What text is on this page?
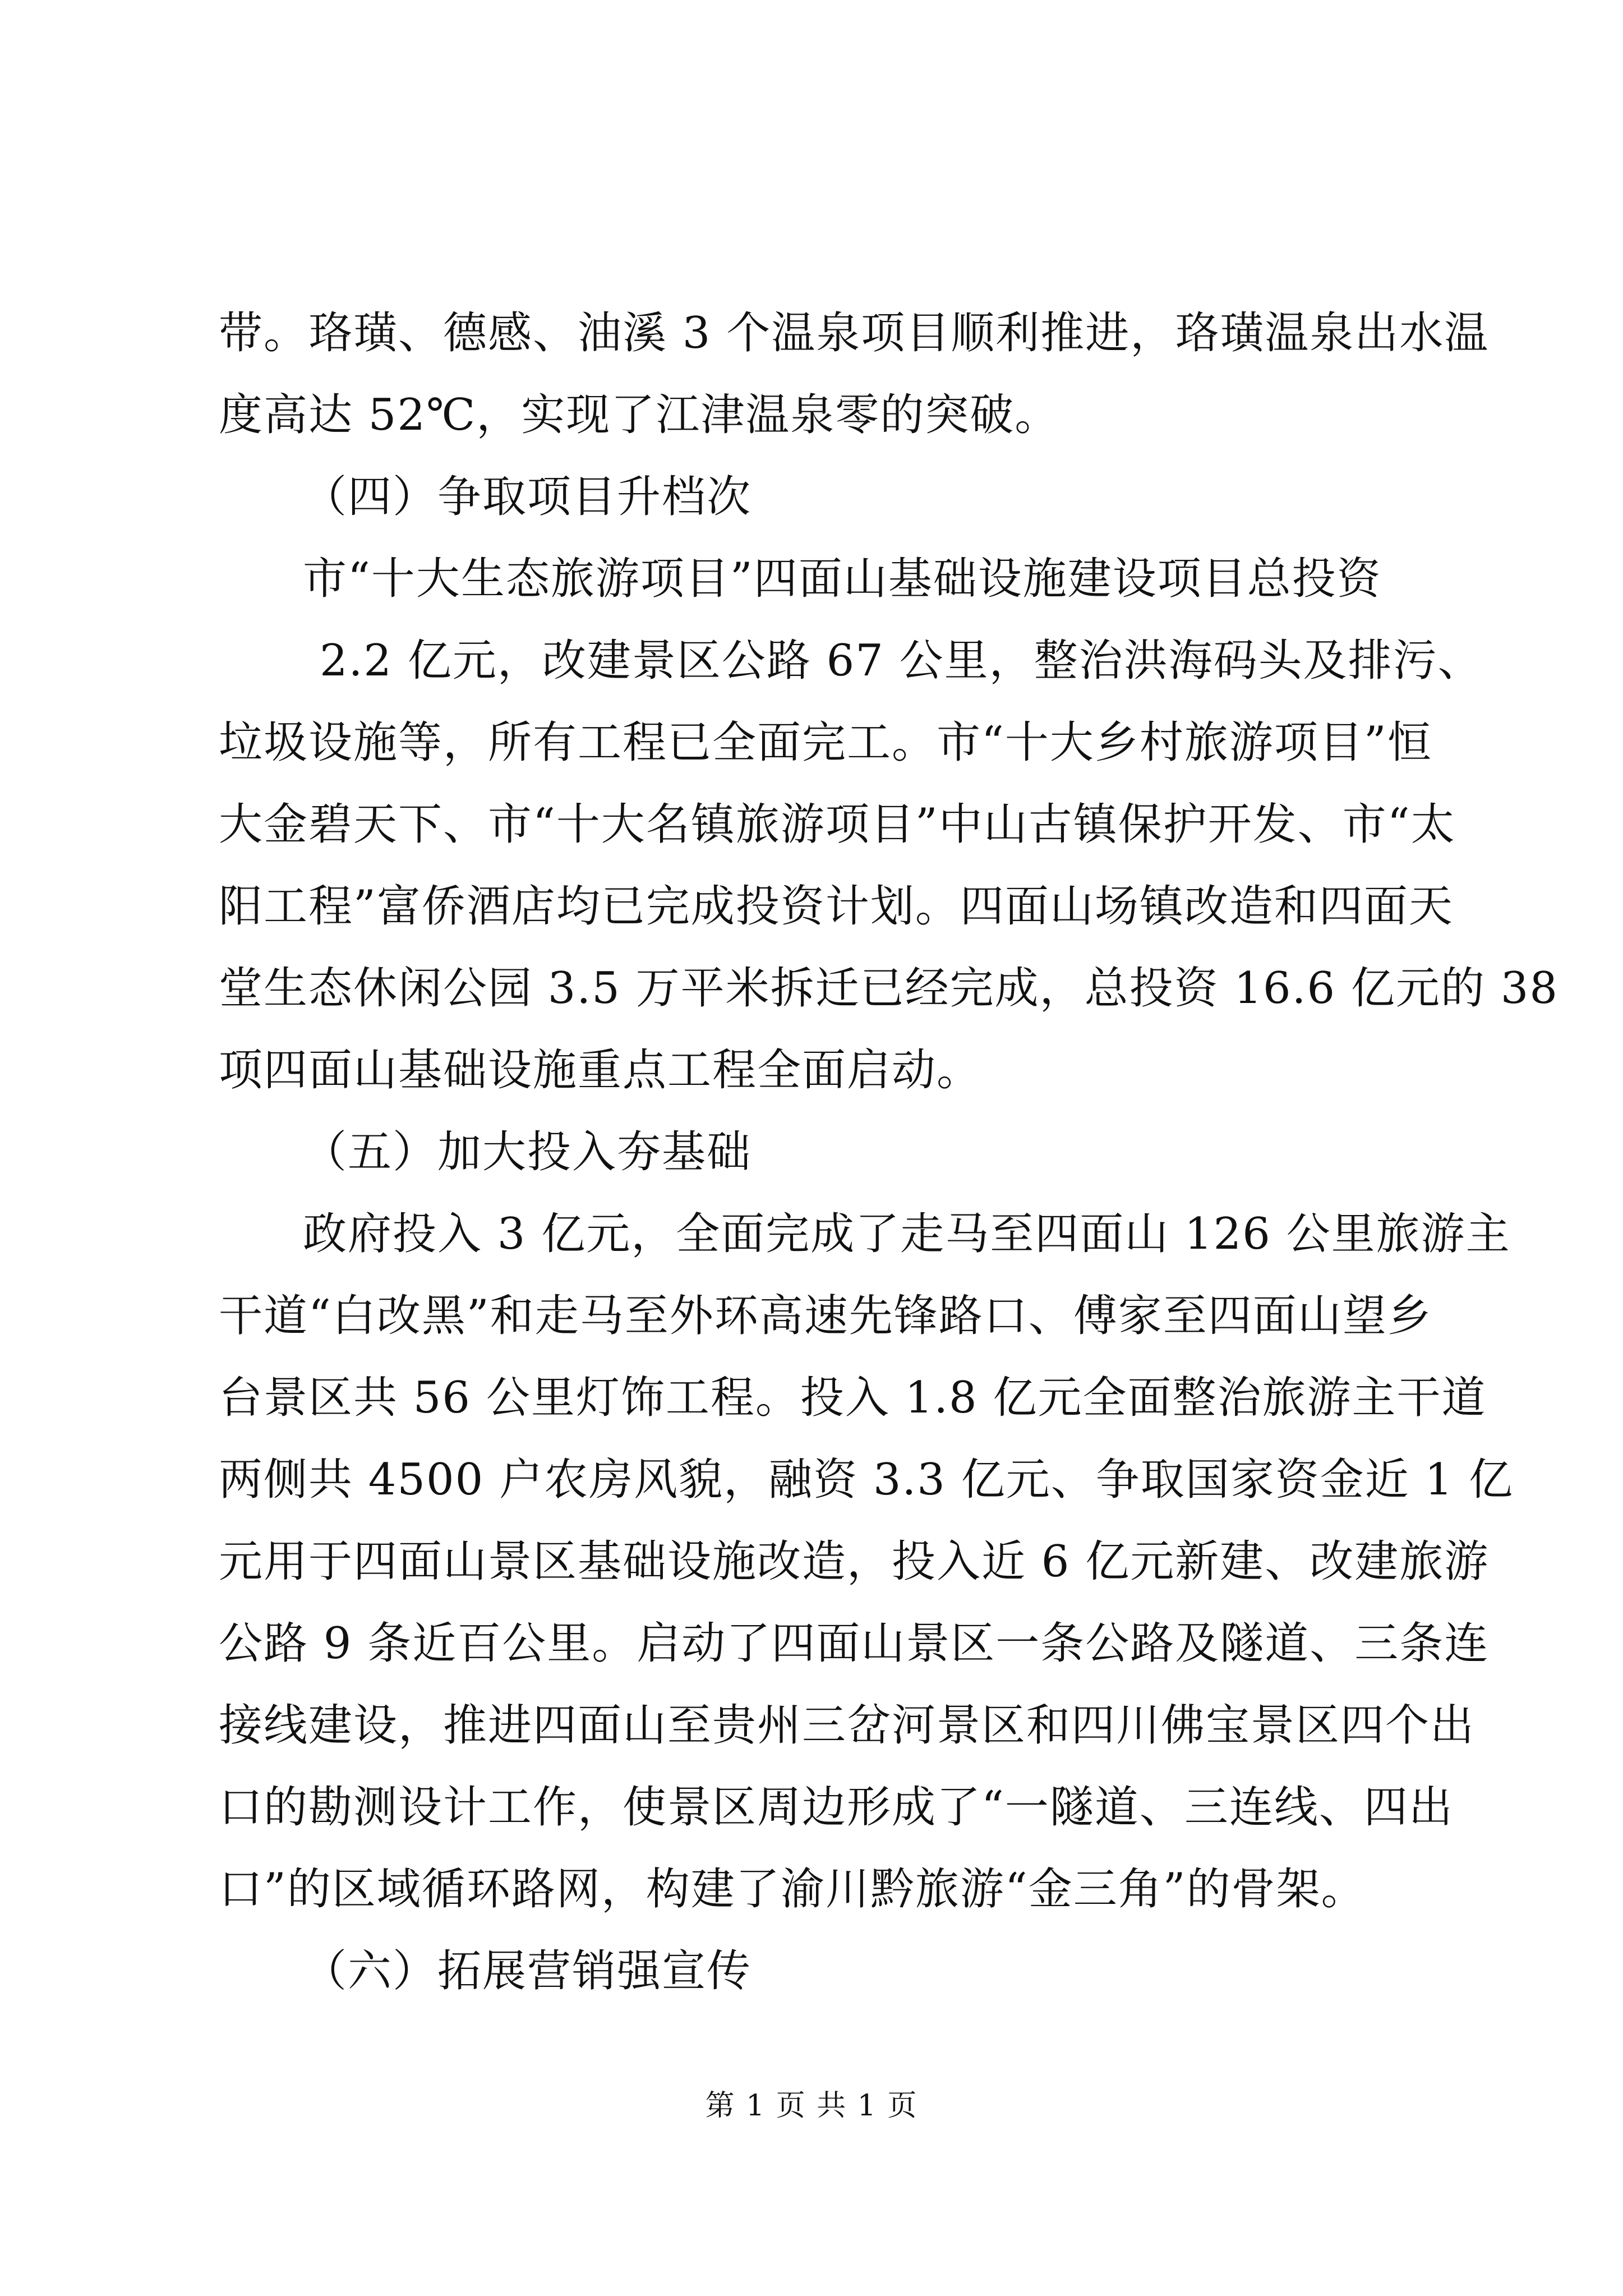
带。珞璜、德感、油溪 3 个温泉项目顺利推进，珞璜温泉出水温
度高达 52℃，实现了江津温泉零的突破。
（四）争取项目升档次
市“十大生态旅游项目”四面山基础设施建设项目总投资
2.2 亿元，改建景区公路 67 公里，整治洪海码头及排污、
垃圾设施等，所有工程已全面完工。市“十大乡村旅游项目”恒
大金碧天下、市“十大名镇旅游项目”中山古镇保护开发、市“太
阳工程”富侨酒店均已完成投资计划。四面山场镇改造和四面天
堂生态休闲公园 3.5 万平米拆迁已经完成，总投资 16.6 亿元的 38
项四面山基础设施重点工程全面启动。
（五）加大投入夯基础
政府投入 3 亿元，全面完成了走马至四面山 126 公里旅游主
干道“白改黑”和走马至外环高速先锋路口、傅家至四面山望乡
台景区共 56 公里灯饰工程。投入 1.8 亿元全面整治旅游主干道
两侧共 4500 户农房风貌，融资 3.3 亿元、争取国家资金近 1 亿
元用于四面山景区基础设施改造，投入近 6 亿元新建、改建旅游
公路 9 条近百公里。启动了四面山景区一条公路及隧道、三条连
接线建设，推进四面山至贵州三岔河景区和四川佛宝景区四个出
口的勘测设计工作，使景区周边形成了“一隧道、三连线、四出
口”的区域循环路网，构建了渝川黔旅游“金三角”的骨架。
（六）拓展营销强宣传
第 1 页 共 1 页
